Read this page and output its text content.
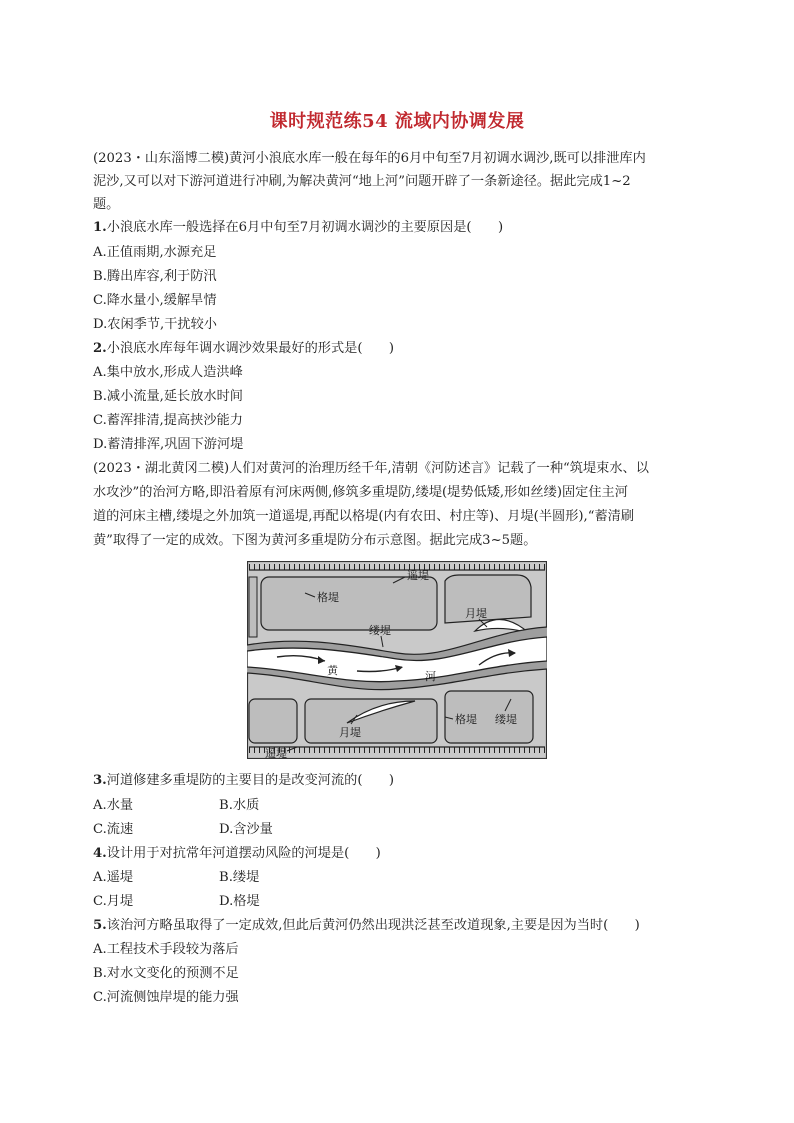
课时规范练54 流域内协调发展
(2023・山东淄博二模)黄河小浪底水库一般在每年的6月中旬至7月初调水调沙,既可以排泄库内
泥沙,又可以对下游河道进行冲刷,为解决黄河“地上河”问题开辟了一条新途径。据此完成1~2
题。
1.小浪底水库一般选择在6月中旬至7月初调水调沙的主要原因是(　　)
A.正值雨期,水源充足
B.腾出库容,利于防汛
C.降水量小,缓解旱情
D.农闲季节,干扰较小
2.小浪底水库每年调水调沙效果最好的形式是(　　)
A.集中放水,形成人造洪峰
B.减小流量,延长放水时间
C.蓄浑排清,提高挟沙能力
D.蓄清排浑,巩固下游河堤
(2023・湖北黄冈二模)人们对黄河的治理历经千年,清朝《河防述言》记载了一种“筑堤束水、以
水攻沙”的治河方略,即沿着原有河床两侧,修筑多重堤防,缕堤(堤势低矮,形如丝缕)固定住主河
道的河床主槽,缕堤之外加筑一道遥堤,再配以格堤(内有农田、村庄等)、月堤(半圆形),“蓄清刷
黄”取得了一定的成效。下图为黄河多重堤防分布示意图。据此完成3~5题。
遥堤
格堤
月堤
缕堤
黄	河
格堤 缕堤
月堤
遥堤
3.河道修建多重堤防的主要目的是改变河流的(　　)
A.水量	B.水质
C.流速	D.含沙量
4.设计用于对抗常年河道摆动风险的河堤是(　　)
A.遥堤	B.缕堤
C.月堤	D.格堤
5.该治河方略虽取得了一定成效,但此后黄河仍然出现洪泛甚至改道现象,主要是因为当时(　　)
A.工程技术手段较为落后
B.对水文变化的预测不足
C.河流侧蚀岸堤的能力强
